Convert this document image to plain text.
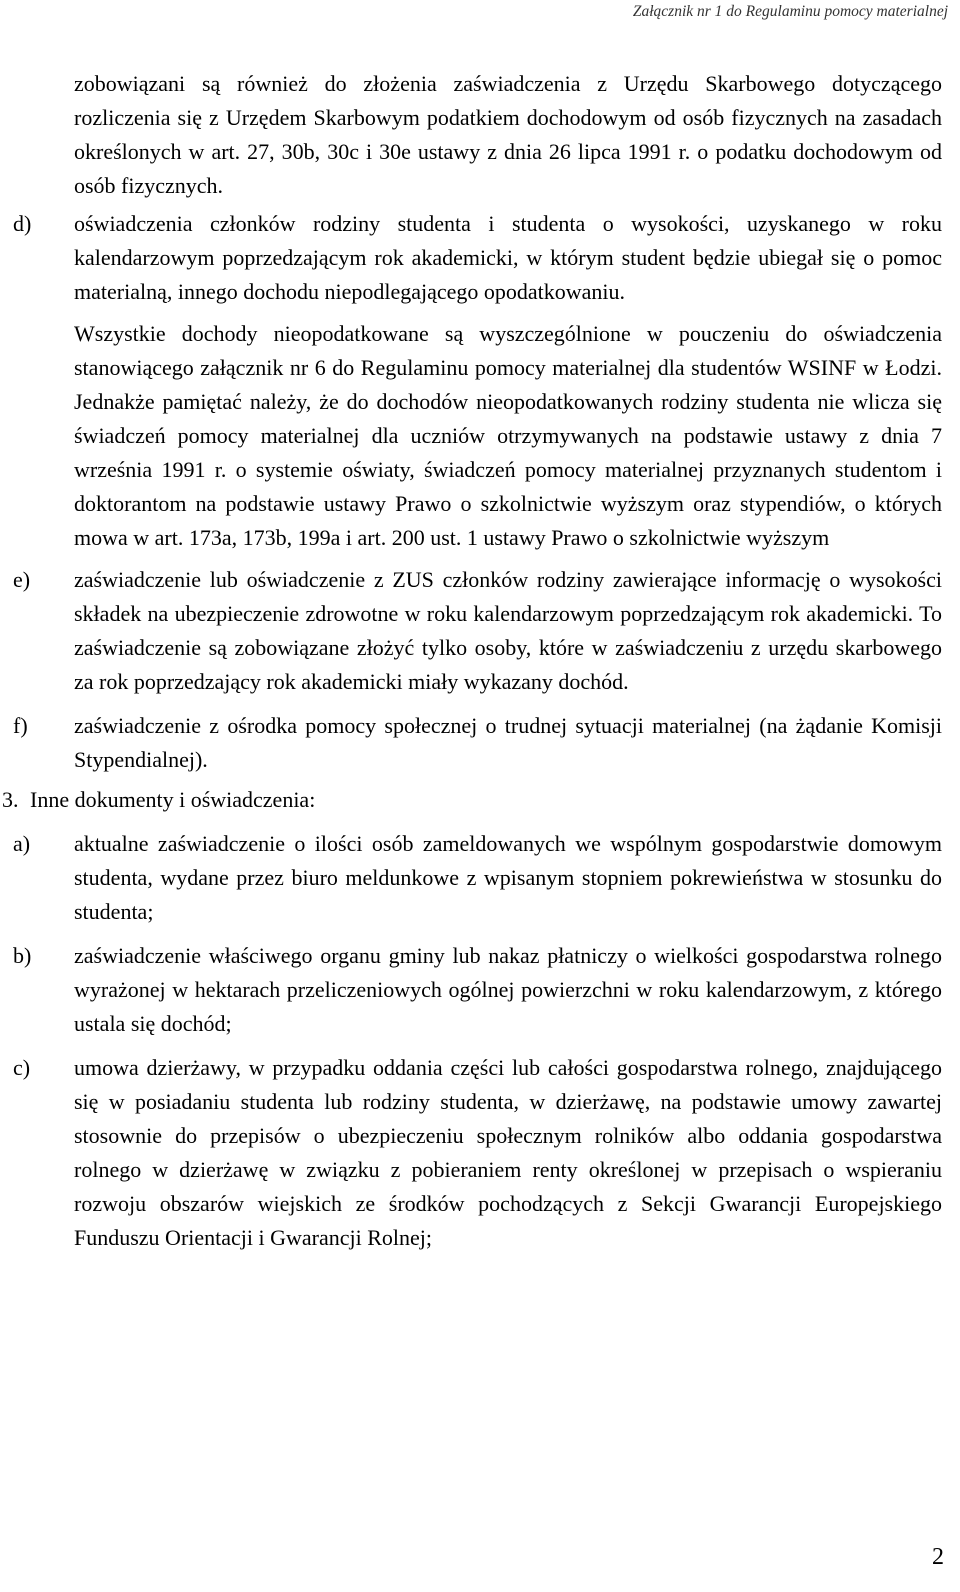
Załącznik nr 1 do Regulaminu pomocy materialnej

zobowiązani są również do złożenia zaświadczenia z Urzędu Skarbowego dotyczącego rozliczenia się z Urzędem Skarbowym podatkiem dochodowym od osób fizycznych na zasadach określonych w art. 27, 30b, 30c i 30e ustawy z dnia 26 lipca 1991 r. o podatku dochodowym od osób fizycznych.

d) oświadczenia członków rodziny studenta i studenta o wysokości, uzyskanego w roku kalendarzowym poprzedzającym rok akademicki, w którym student będzie ubiegał się o pomoc materialną, innego dochodu niepodlegającego opodatkowaniu.

Wszystkie dochody nieopodatkowane są wyszczególnione w pouczeniu do oświadczenia stanowiącego załącznik nr 6 do Regulaminu pomocy materialnej dla studentów WSINF w Łodzi. Jednakże pamiętać należy, że do dochodów nieopodatkowanych rodziny studenta nie wlicza się świadczeń pomocy materialnej dla uczniów otrzymywanych na podstawie ustawy z dnia 7 września 1991 r. o systemie oświaty, świadczeń pomocy materialnej przyznanych studentom i doktorantom na podstawie ustawy Prawo o szkolnictwie wyższym oraz stypendiów, o których mowa w art. 173a, 173b, 199a i art. 200 ust. 1 ustawy Prawo o szkolnictwie wyższym

e) zaświadczenie lub oświadczenie z ZUS członków rodziny zawierające informację o wysokości składek na ubezpieczenie zdrowotne w roku kalendarzowym poprzedzającym rok akademicki. To zaświadczenie są zobowiązane złożyć tylko osoby, które w zaświadczeniu z urzędu skarbowego za rok poprzedzający rok akademicki miały wykazany dochód.
f) zaświadczenie z ośrodka pomocy społecznej o trudnej sytuacji materialnej (na żądanie Komisji Stypendialnej).
3. Inne dokumenty i oświadczenia:
a) aktualne zaświadczenie o ilości osób zameldowanych we wspólnym gospodarstwie domowym studenta, wydane przez biuro meldunkowe z wpisanym stopniem pokrewieństwa w stosunku do studenta;
b) zaświadczenie właściwego organu gminy lub nakaz płatniczy o wielkości gospodarstwa rolnego wyrażonej w hektarach przeliczeniowych ogólnej powierzchni w roku kalendarzowym, z którego ustala się dochód;
c) umowa dzierżawy, w przypadku oddania części lub całości gospodarstwa rolnego, znajdującego się w posiadaniu studenta lub rodziny studenta, w dzierżawę, na podstawie umowy zawartej stosownie do przepisów o ubezpieczeniu społecznym rolników albo oddania gospodarstwa rolnego w dzierżawę w związku z pobieraniem renty określonej w przepisach o wspieraniu rozwoju obszarów wiejskich ze środków pochodzących z Sekcji Gwarancji Europejskiego Funduszu Orientacji i Gwarancji Rolnej;
2
